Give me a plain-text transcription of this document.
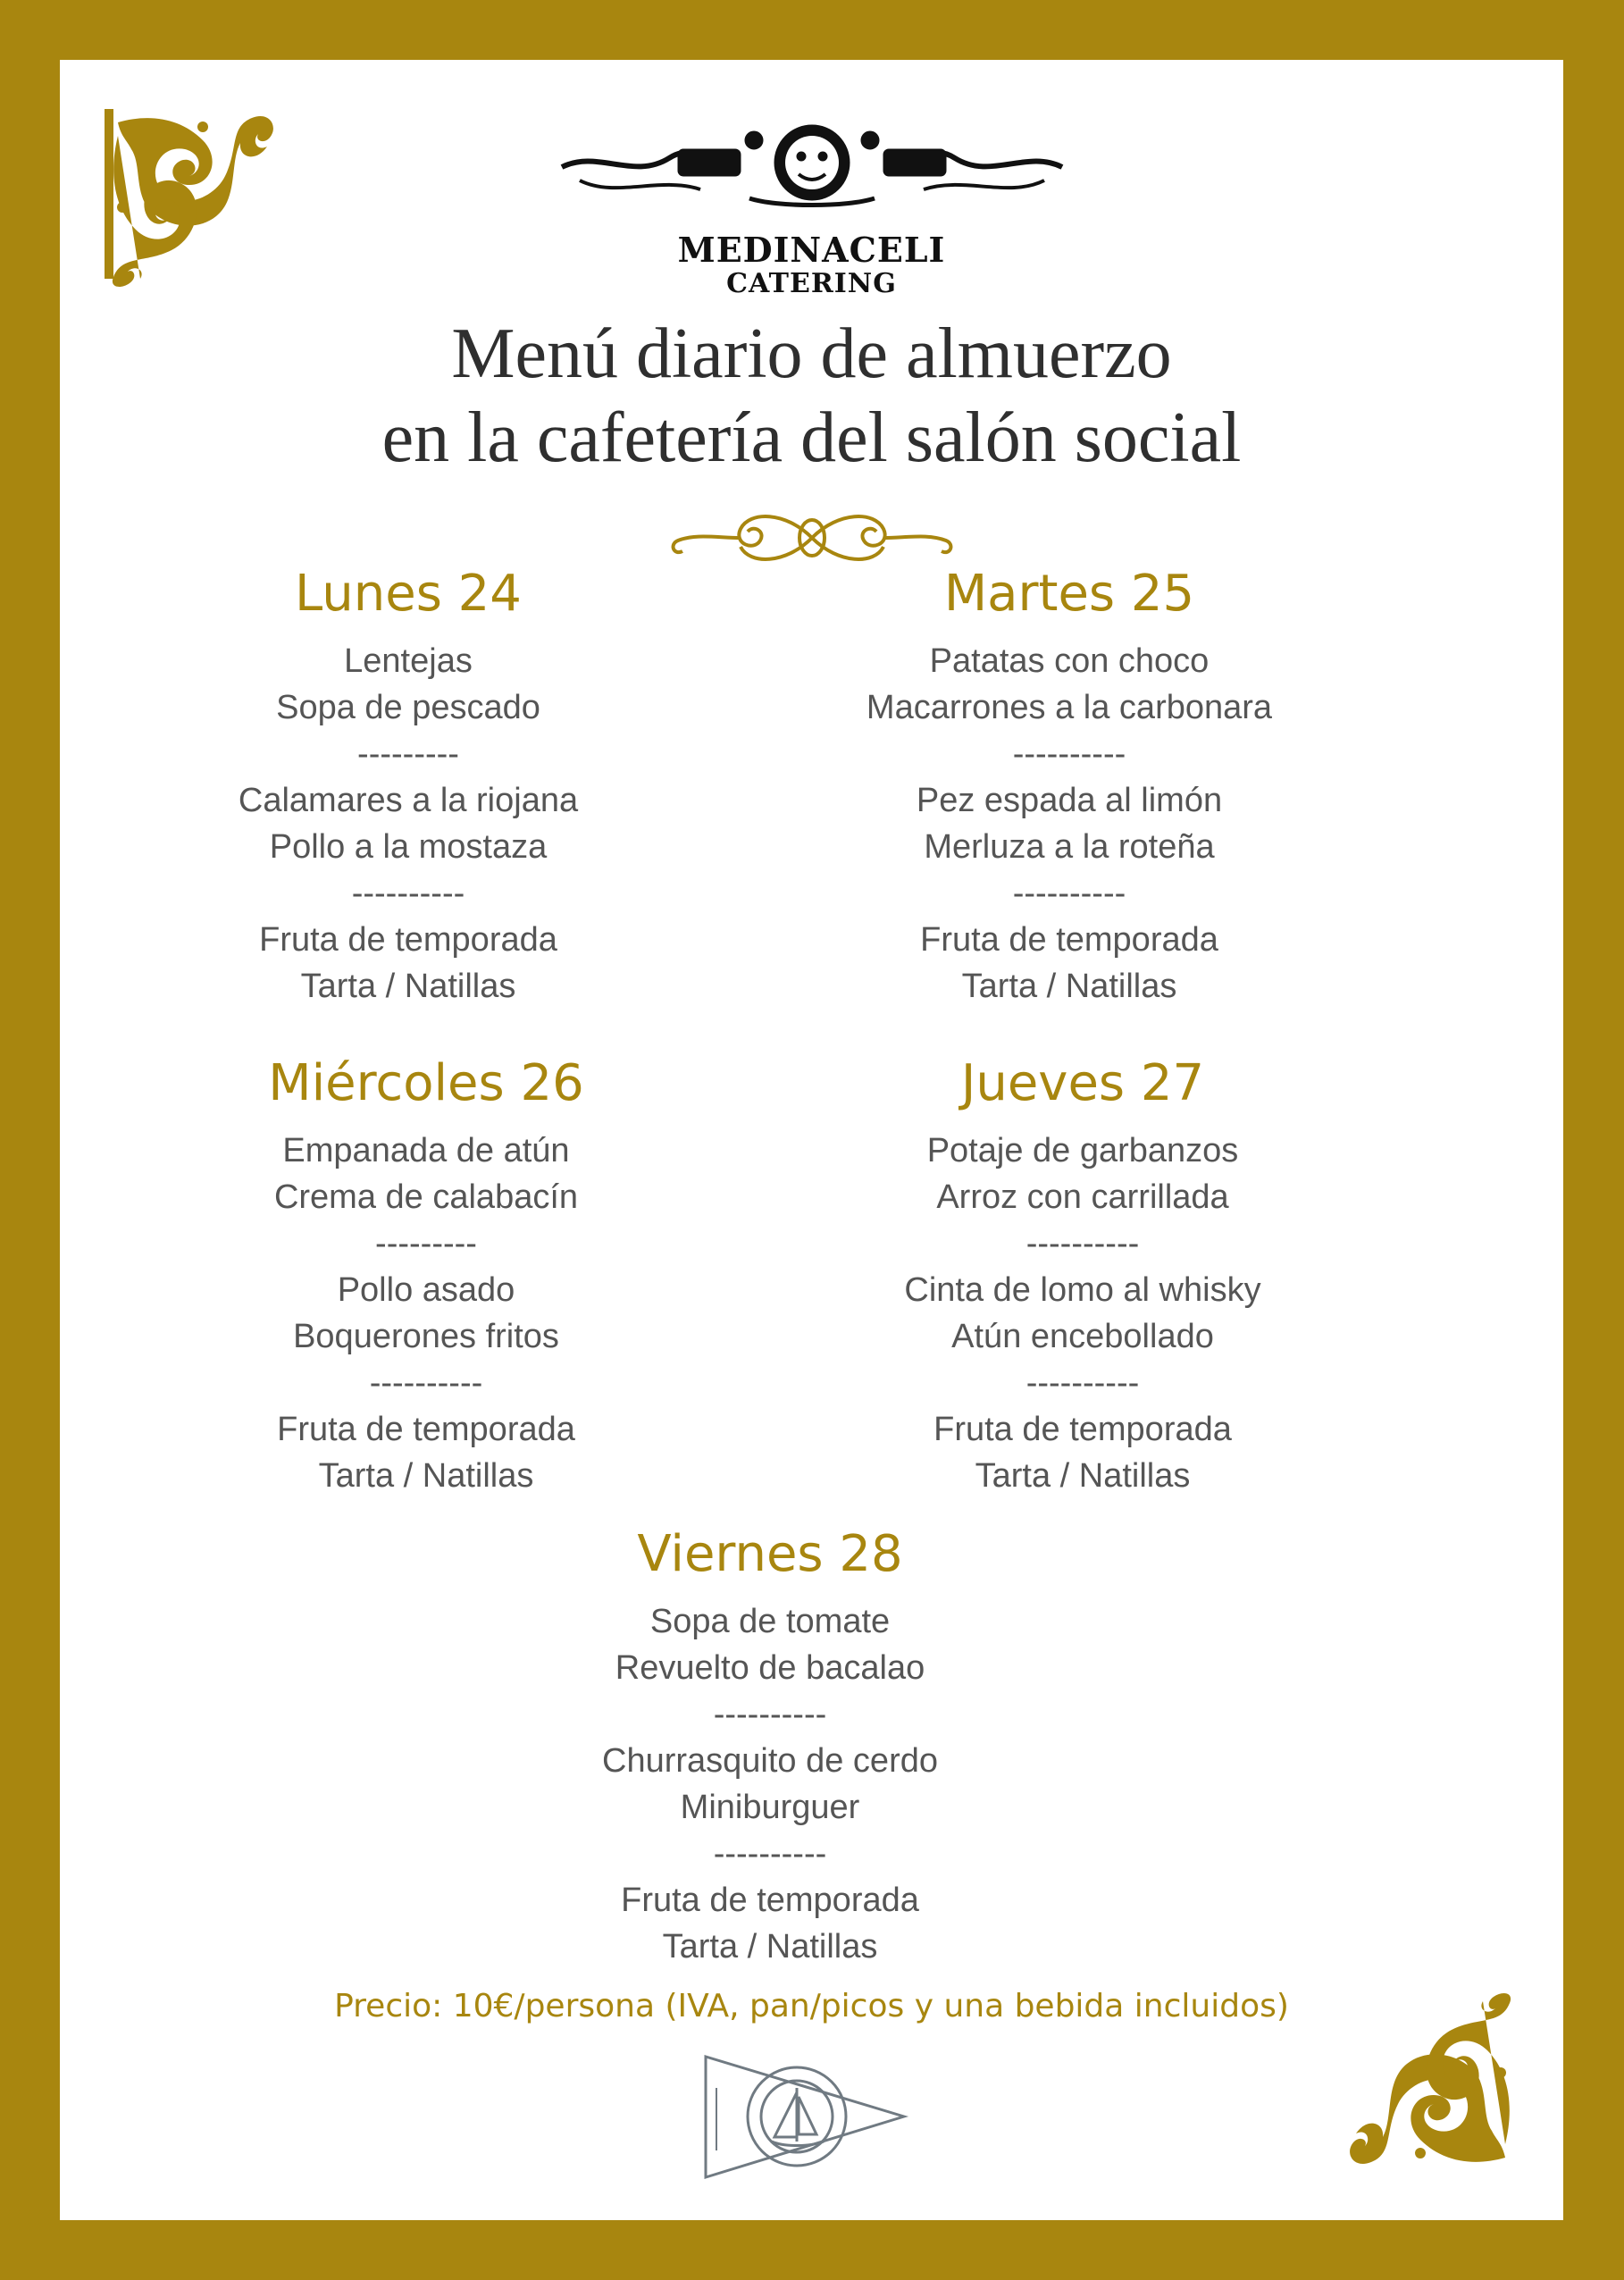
MEDINACELI
CATERING
Menú diario de almuerzo
en la cafetería del salón social
Lunes 24
Lentejas
Sopa de pescado
---------
Calamares a la riojana
Pollo a la mostaza
----------
Fruta de temporada
Tarta / Natillas
Martes 25
Patatas con choco
Macarrones a la carbonara
----------
Pez espada al limón
Merluza a la roteña
----------
Fruta de temporada
Tarta / Natillas
Miércoles 26
Empanada de atún
Crema de calabacín
---------
Pollo asado
Boquerones fritos
----------
Fruta de temporada
Tarta / Natillas
Jueves 27
Potaje de garbanzos
Arroz con carrillada
----------
Cinta de lomo al whisky
Atún encebollado
----------
Fruta de temporada
Tarta / Natillas
Viernes 28
Sopa de tomate
Revuelto de bacalao
----------
Churrasquito de cerdo
Miniburguer
----------
Fruta de temporada
Tarta / Natillas
Precio: 10€/persona (IVA, pan/picos y una bebida incluidos)
